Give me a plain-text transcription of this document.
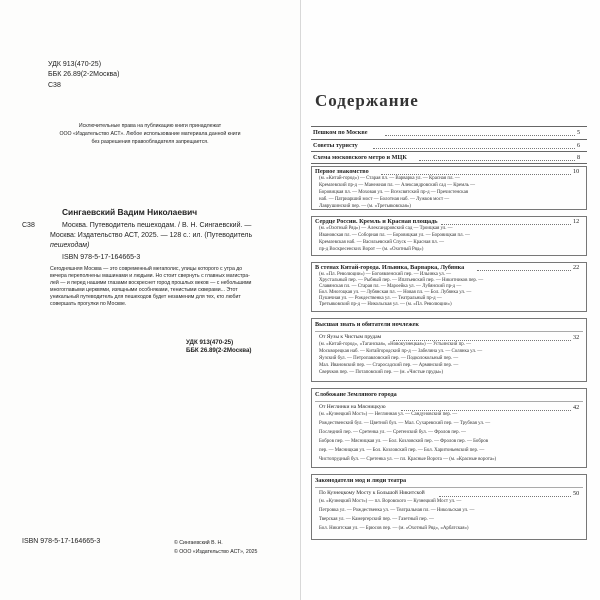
УДК 913(470-25)
ББК 26.89(2-2Москва)
С38
Исключительные права на публикацию книги принадлежат
ООО «Издательство АСТ». Любое использование материала данной книги
без разрешения правообладателя запрещается.
Сингаевский Вадим Николаевич
С38	Москва. Путеводитель пешеходам. / В. Н. Сингаевский. —
Москва: Издательство АСТ, 2025. — 128 с.: ил. (Путеводитель
пешеходам)
ISBN 978-5-17-164665-3
Сегодняшняя Москва — это современный мегаполис, улицы которого с утра до
вечера переполнены машинами и людьми. Но стоит свернуть с главных магистра-
лей — и перед нашими глазами воскреснет город прошлых веков — с небольшими
многоглавыми церквями, изящными особняками, тенистыми скверами... Этот
уникальный путеводитель для пешеходов будет незаменим для тех, кто любит
совершать прогулки по Москве.
УДК 913(470-25)
ББК 26.89(2-2Москва)
ISBN 978-5-17-164665-3	© Сингаевский В. Н.
© ООО «Издательство АСТ», 2025
Содержание
Пешком по Москве	5
Советы туристу	6
Схема московского метро и МЦК	8
Первое знакомство	10
(м. «Китай-город») — Старая пл. — Варварка ул. — Красная пл. —
Кремлевский пр-д — Манежная пл. — Александровский сад — Кремль —
Боровицкая пл. — Моховая ул. — Всехсвятский пр-д — Пречистенская
наб. — Патриарший мост — Болотная наб. — Лужков мост —
Лаврушинский пер. — (м. «Третьяковская»)
Сердце России. Кремль и Красная площадь	12
(м. «Охотный Ряд») — Александровский сад — Троицкая ул. —
Ивановская пл. — Соборная пл. — Боровицкая ул. — Боровицкая пл. —
Кремлевская наб. — Васильевский Спуск — Красная пл. —
пр-д Воскресенских Ворот — (м. «Охотный Ряд»)
В стенах Китай-города. Ильинка, Варварка, Лубянка	22
(м. «Пл. Революции») — Богоявленский пер. — Ильинка ул. —
Хрустальный пер. — Рыбный пер. — Ипатьевский пер. — Никитников пер. —
Славянская пл. — Старая пл. — Мароейка ул. — Лубянский пр-д —
Бол. Многоцкая ул. — Лубянская пл. — Новая пл. — Бол. Лубянка ул. —
Пушечная ул. — Рождественка ул. — Театральный пр-д —
Третьяковский пр-д — Никольская ул. — (м. «Пл. Революции»)
Высшая знать и обитатели ночлежек
От Яузы к Чистым прудам	32
(м. «Китай-город», «Таганская», «Новокузнецкая») — Устьинский пр. —
Москворецкая наб. — Китайгородский пр-д — Забелина ул. — Солянка ул. —
Яузский бул. — Петропавловский пер. — Подколокольный пер. —
Мал. Ивановский пер. — Старосадский пер. — Армянский пер. —
Сверчков пер. — Потаповский пер. — (м. «Чистые пруды»)
Слобожане Земляного города
От Неглинки на Мясницкую	42
(м. «Кузнецкий Мост») — Неглинная ул. — Сандуновский пер. —
Рождественский бул. — Цветной бул. — Мал. Сухаревский пер. — Трубная ул. —
Последний пер. — Сретенка ул. — Сретенский бул. — Фролов пер. —
Бобров пер. — Мясницкая ул. — Бол. Козловский пер. — Фролов пер. — Бобров
пер. — Мясницкая ул. — Бол. Козловский пер. — Бол. Харитоньевский пер. —
Чистопрудный бул. — Сретенка ул. — пл. Красные Ворота — (м. «Красные ворота»)
Законодатели мод и люди театра
По Кузнецкому Мосту к Большой Никитской	50
(м. «Кузнецкий Мост») — пл. Воровского — Кузнецкий Мост ул. —
Петровка ул. — Рождественка ул. — Театральная пл. — Никольская ул. —
Тверская ул. — Камергерский пер. — Газетный пер. —
Бол. Никитская ул. — Брюсов пер. — (м. «Охотный Ряд», «Арбатская»)
